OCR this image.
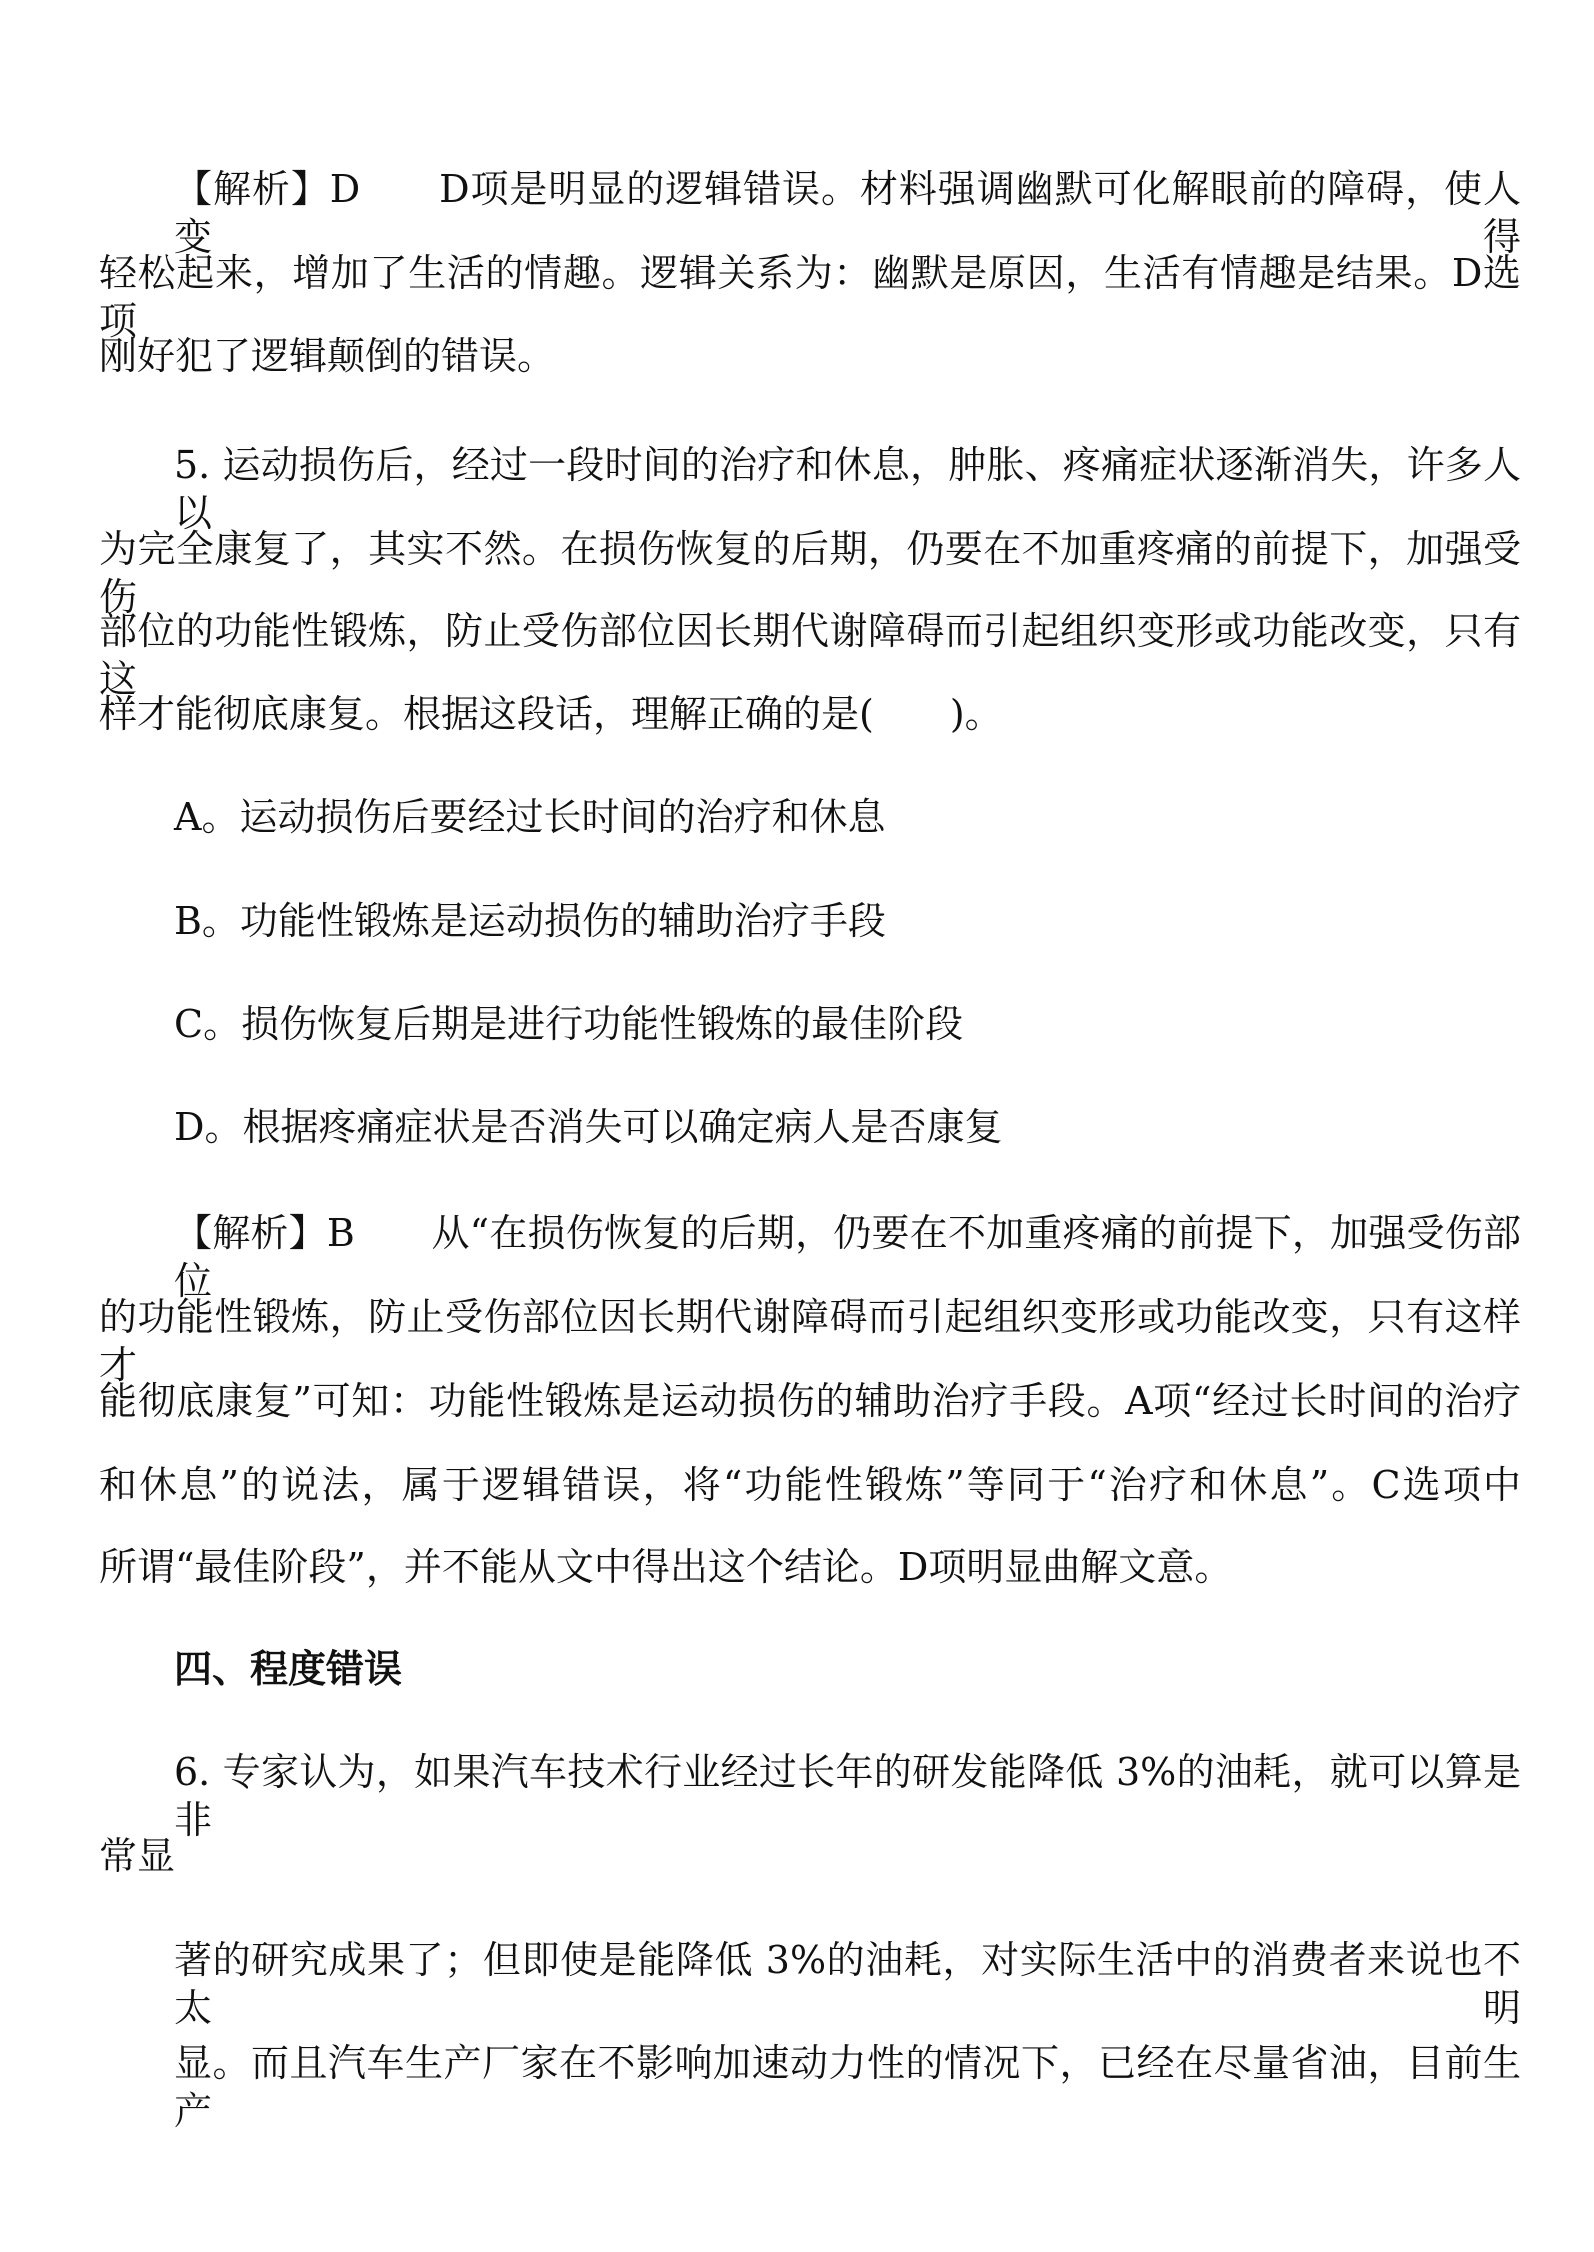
【解析】D　　D项是明显的逻辑错误。材料强调幽默可化解眼前的障碍，使人变得
轻松起来，增加了生活的情趣。逻辑关系为：幽默是原因，生活有情趣是结果。D选项
刚好犯了逻辑颠倒的错误。
5. 运动损伤后，经过一段时间的治疗和休息，肿胀、疼痛症状逐渐消失，许多人以
为完全康复了，其实不然。在损伤恢复的后期，仍要在不加重疼痛的前提下，加强受伤
部位的功能性锻炼，防止受伤部位因长期代谢障碍而引起组织变形或功能改变，只有这
样才能彻底康复。根据这段话，理解正确的是(　　)。
A。运动损伤后要经过长时间的治疗和休息
B。功能性锻炼是运动损伤的辅助治疗手段
C。损伤恢复后期是进行功能性锻炼的最佳阶段
D。根据疼痛症状是否消失可以确定病人是否康复
【解析】B　　从“在损伤恢复的后期，仍要在不加重疼痛的前提下，加强受伤部位
的功能性锻炼，防止受伤部位因长期代谢障碍而引起组织变形或功能改变，只有这样才
能彻底康复”可知：功能性锻炼是运动损伤的辅助治疗手段。A项“经过长时间的治疗
和休息”的说法，属于逻辑错误，将“功能性锻炼”等同于“治疗和休息”。C选项中
所谓“最佳阶段”，并不能从文中得出这个结论。D项明显曲解文意。
四、程度错误
6. 专家认为，如果汽车技术行业经过长年的研发能降低 3%的油耗，就可以算是非
常显
著的研究成果了；但即使是能降低 3%的油耗，对实际生活中的消费者来说也不太明
显。而且汽车生产厂家在不影响加速动力性的情况下，已经在尽量省油，目前生产
